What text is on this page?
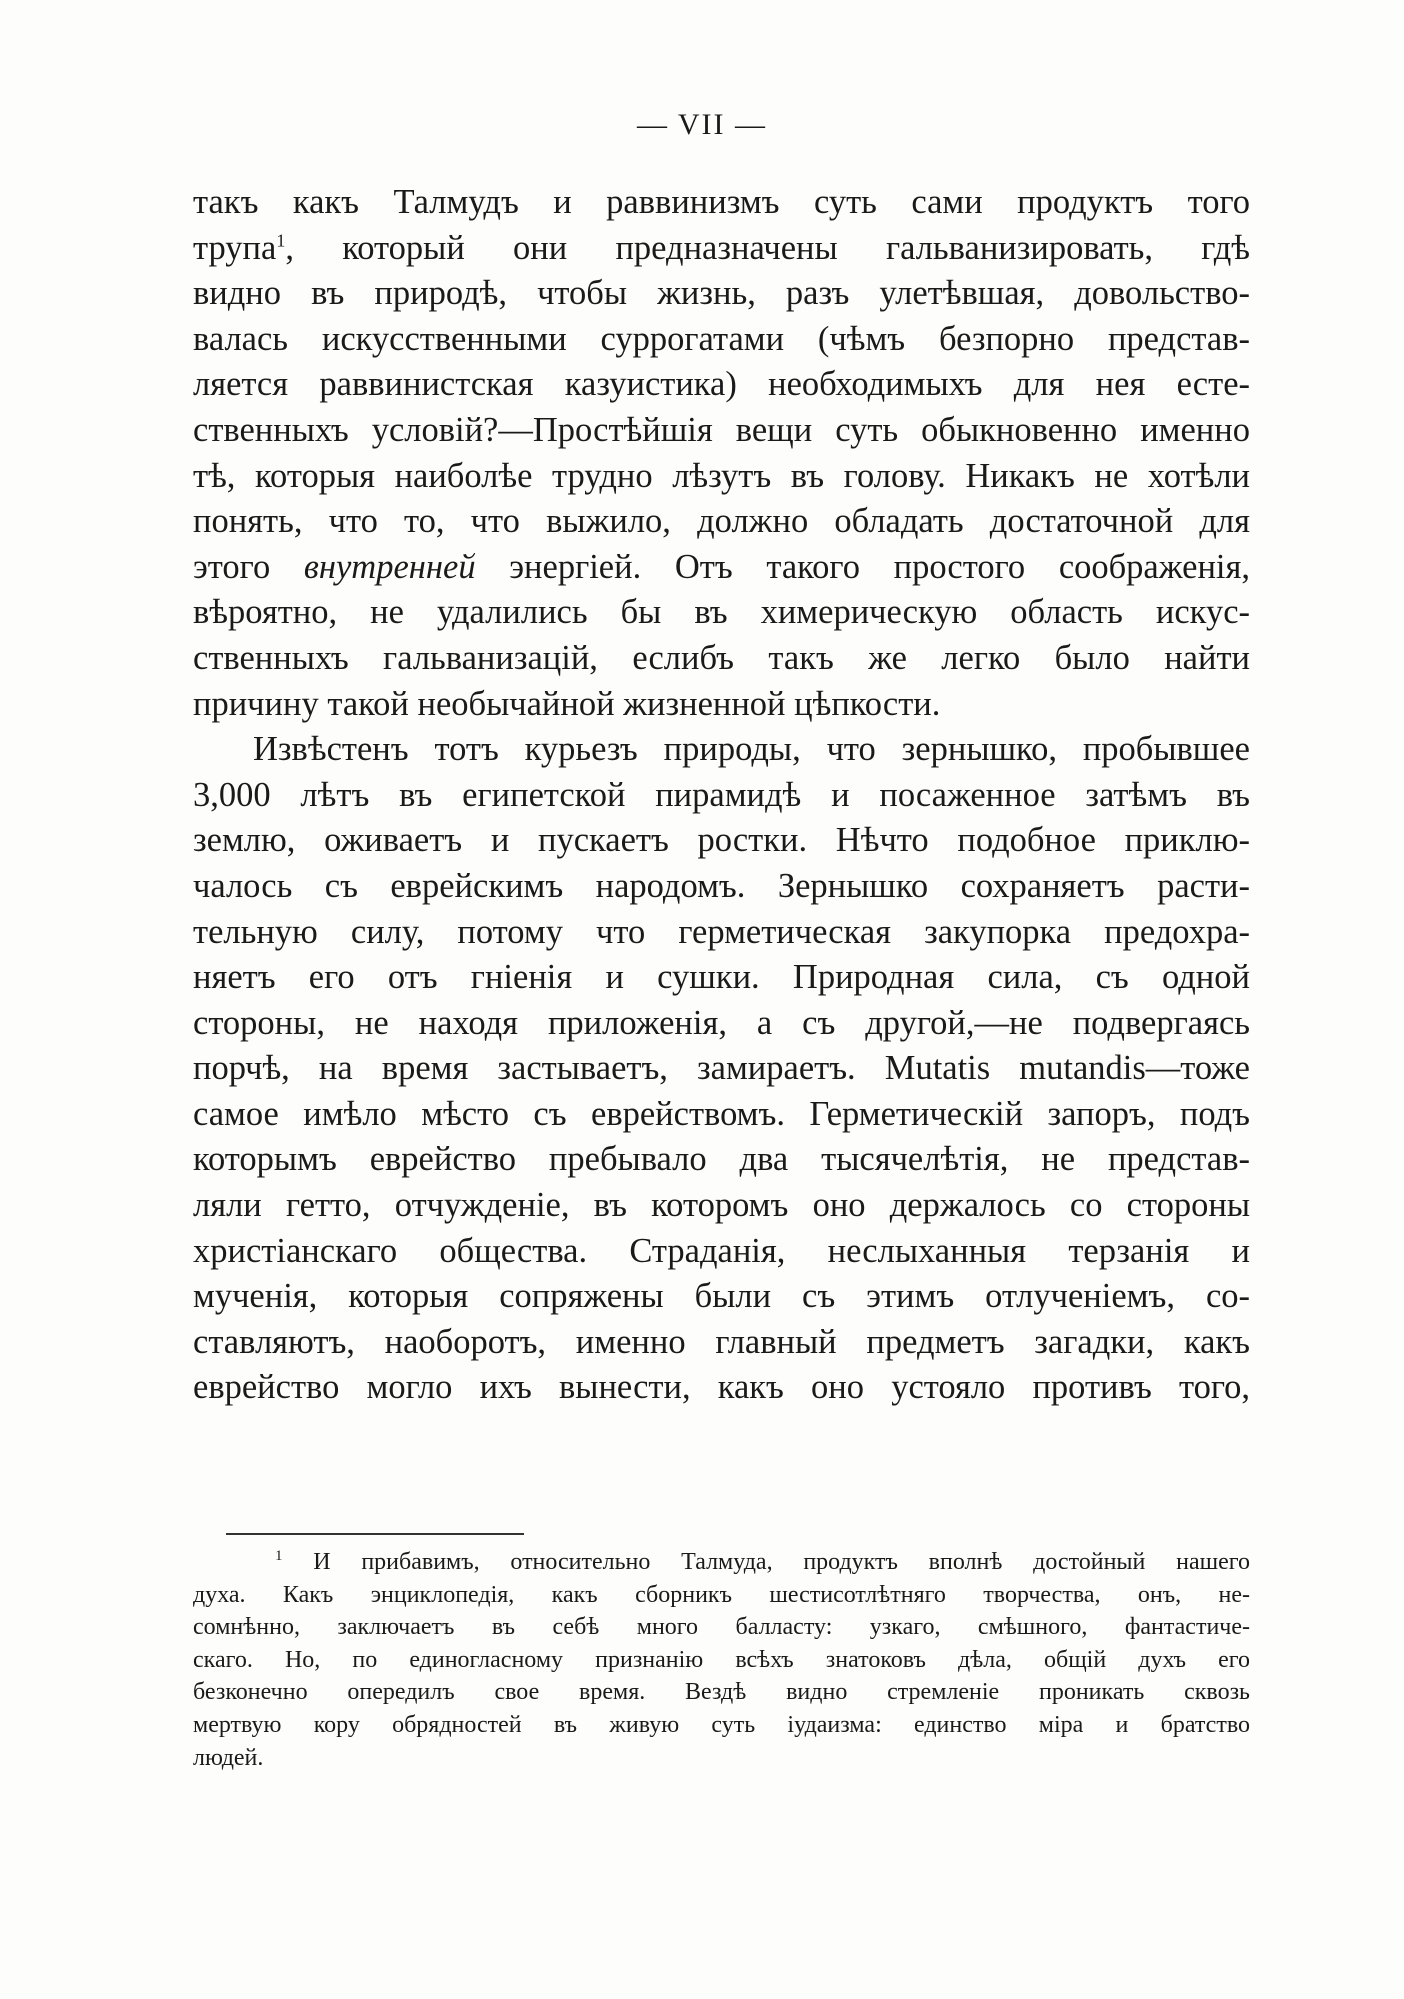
— VII —
такъ какъ Талмудъ и раввинизмъ суть сами продуктъ того
трупа$^1$, который они предназначены гальванизировать, гдѣ
видно въ природѣ, чтобы жизнь, разъ улетѣвшая, довольство-
валась искусственными суррогатами (чѣмъ безпорно представ-
ляется раввинистская казуистика) необходимыхъ для нея есте-
ственныхъ условій?—Простѣйшія вещи суть обыкновенно именно
тѣ, которыя наиболѣе трудно лѣзутъ въ голову. Никакъ не хотѣли
понять, что то, что выжило, должно обладать достаточной для
этого внутренней энергіей. Отъ такого простого соображенія,
вѣроятно, не удалились бы въ химерическую область искус-
ственныхъ гальванизацій, еслибъ такъ же легко было найти
причину такой необычайной жизненной цѣпкости.
Извѣстенъ тотъ курьезъ природы, что зернышко, пробывшее
3,000 лѣтъ въ египетской пирамидѣ и посаженное затѣмъ въ
землю, оживаетъ и пускаетъ ростки. Нѣчто подобное приклю-
чалось съ еврейскимъ народомъ. Зернышко сохраняетъ расти-
тельную силу, потому что герметическая закупорка предохра-
няетъ его отъ гніенія и сушки. Природная сила, съ одной
стороны, не находя приложенія, а съ другой,—не подвергаясь
порчѣ, на время застываетъ, замираетъ. Mutatis mutandis—тоже
самое имѣло мѣсто съ еврействомъ. Герметическій запоръ, подъ
которымъ еврейство пребывало два тысячелѣтія, не представ-
ляли гетто, отчужденіе, въ которомъ оно держалось со стороны
христіанскаго общества. Страданія, неслыханныя терзанія и
мученія, которыя сопряжены были съ этимъ отлученіемъ, со-
ставляютъ, наоборотъ, именно главный предметъ загадки, какъ
еврейство могло ихъ вынести, какъ оно устояло противъ того,
$^1$ И прибавимъ, относительно Талмуда, продуктъ вполнѣ достойный нашего
духа. Какъ энциклопедія, какъ сборникъ шестисотлѣтняго творчества, онъ, не-
сомнѣнно, заключаетъ въ себѣ много балласту: узкаго, смѣшного, фантастиче-
скаго. Но, по единогласному признанію всѣхъ знатоковъ дѣла, общій духъ его
безконечно опередилъ свое время. Вездѣ видно стремленіе проникать сквозь
мертвую кору обрядностей въ живую суть іудаизма: единство міра и братство
людей.
